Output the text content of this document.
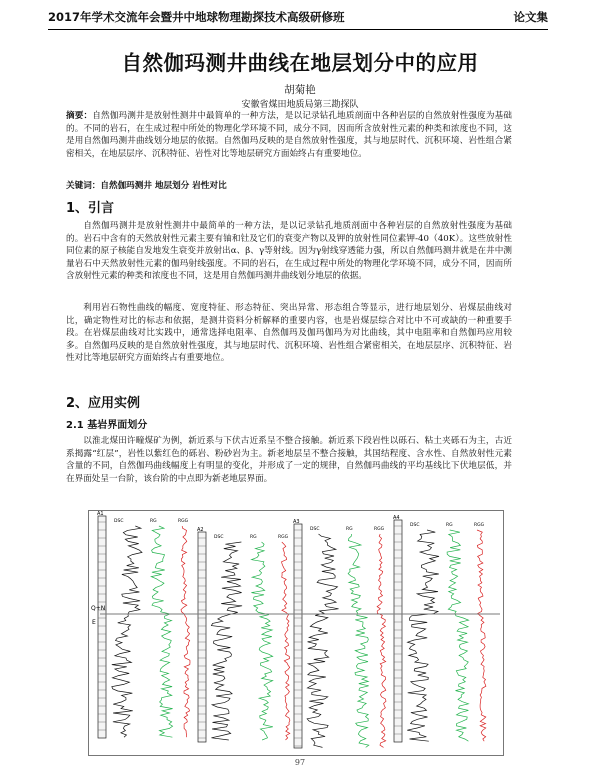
2017年学术交流年会暨井中地球物理勘探技术高级研修班	论文集
自然伽玛测井曲线在地层划分中的应用
胡菊艳
安徽省煤田地质局第三勘探队
摘要：自然伽玛测井是放射性测井中最简单的一种方法，是以记录钻孔地质剖面中各种岩层的自然放射性强度为基础的。不同的岩石，在生成过程中所处的物理化学环境不同，成分不同，因而所含放射性元素的种类和浓度也不同，这是用自然伽玛测井曲线划分地层的依据。自然伽玛反映的是自然放射性强度，其与地层时代、沉积环境、岩性组合紧密相关，在地层层序、沉积特征、岩性对比等地层研究方面始终占有重要地位。
关键词：自然伽玛测井 地层划分 岩性对比
1、引言
自然伽玛测井是放射性测井中最简单的一种方法，是以记录钻孔地质剖面中各种岩层的自然放射性强度为基础的。岩石中含有的天然放射性元素主要有铀和钍及它们的衰变产物以及钾的放射性同位素钾-40（40K）。这些放射性同位素的原子核能自发地发生衰变并放射出α、β、γ等射线。因为γ射线穿透能力强，所以自然伽玛测井就是在井中测量岩石中天然放射性元素的伽玛射线强度。不同的岩石，在生成过程中所处的物理化学环境不同，成分不同，因而所含放射性元素的种类和浓度也不同，这是用自然伽玛测井曲线划分地层的依据。
利用岩石物性曲线的幅度、宽度特征、形态特征、突出异常、形态组合等显示，进行地层划分、岩煤层曲线对比，确定物性对比的标志和依据，是测井资料分析解释的重要内容，也是岩煤层综合对比中不可或缺的一种重要手段。在岩煤层曲线对比实践中，通常选择电阻率、自然伽玛及伽玛伽玛为对比曲线，其中电阻率和自然伽玛应用较多。自然伽玛反映的是自然放射性强度，其与地层时代、沉积环境、岩性组合紧密相关，在地层层序、沉积特征、岩性对比等地层研究方面始终占有重要地位。
2、应用实例
2.1 基岩界面划分
以淮北煤田许疃煤矿为例，新近系与下伏古近系呈不整合接触。新近系下段岩性以砾石、粘土夹砾石为主，古近系揭露“红层”，岩性以紫红色的砾岩、粉砂岩为主。新老地层呈不整合接触，其国结程度、含水性、自然放射性元素含量的不同，自然伽玛曲线幅度上有明显的变化，并形成了一定的规律，自然伽玛曲线的平均基线比下伏地层低，并在界面处呈一台阶，该台阶的中点即为新老地层界面。
A1
DSC	RG	RGG
A2
DSC	RG	RGG
A3
DSC	RG	RGG
A4
DSC	RG	RGG
Q+N
E
97
